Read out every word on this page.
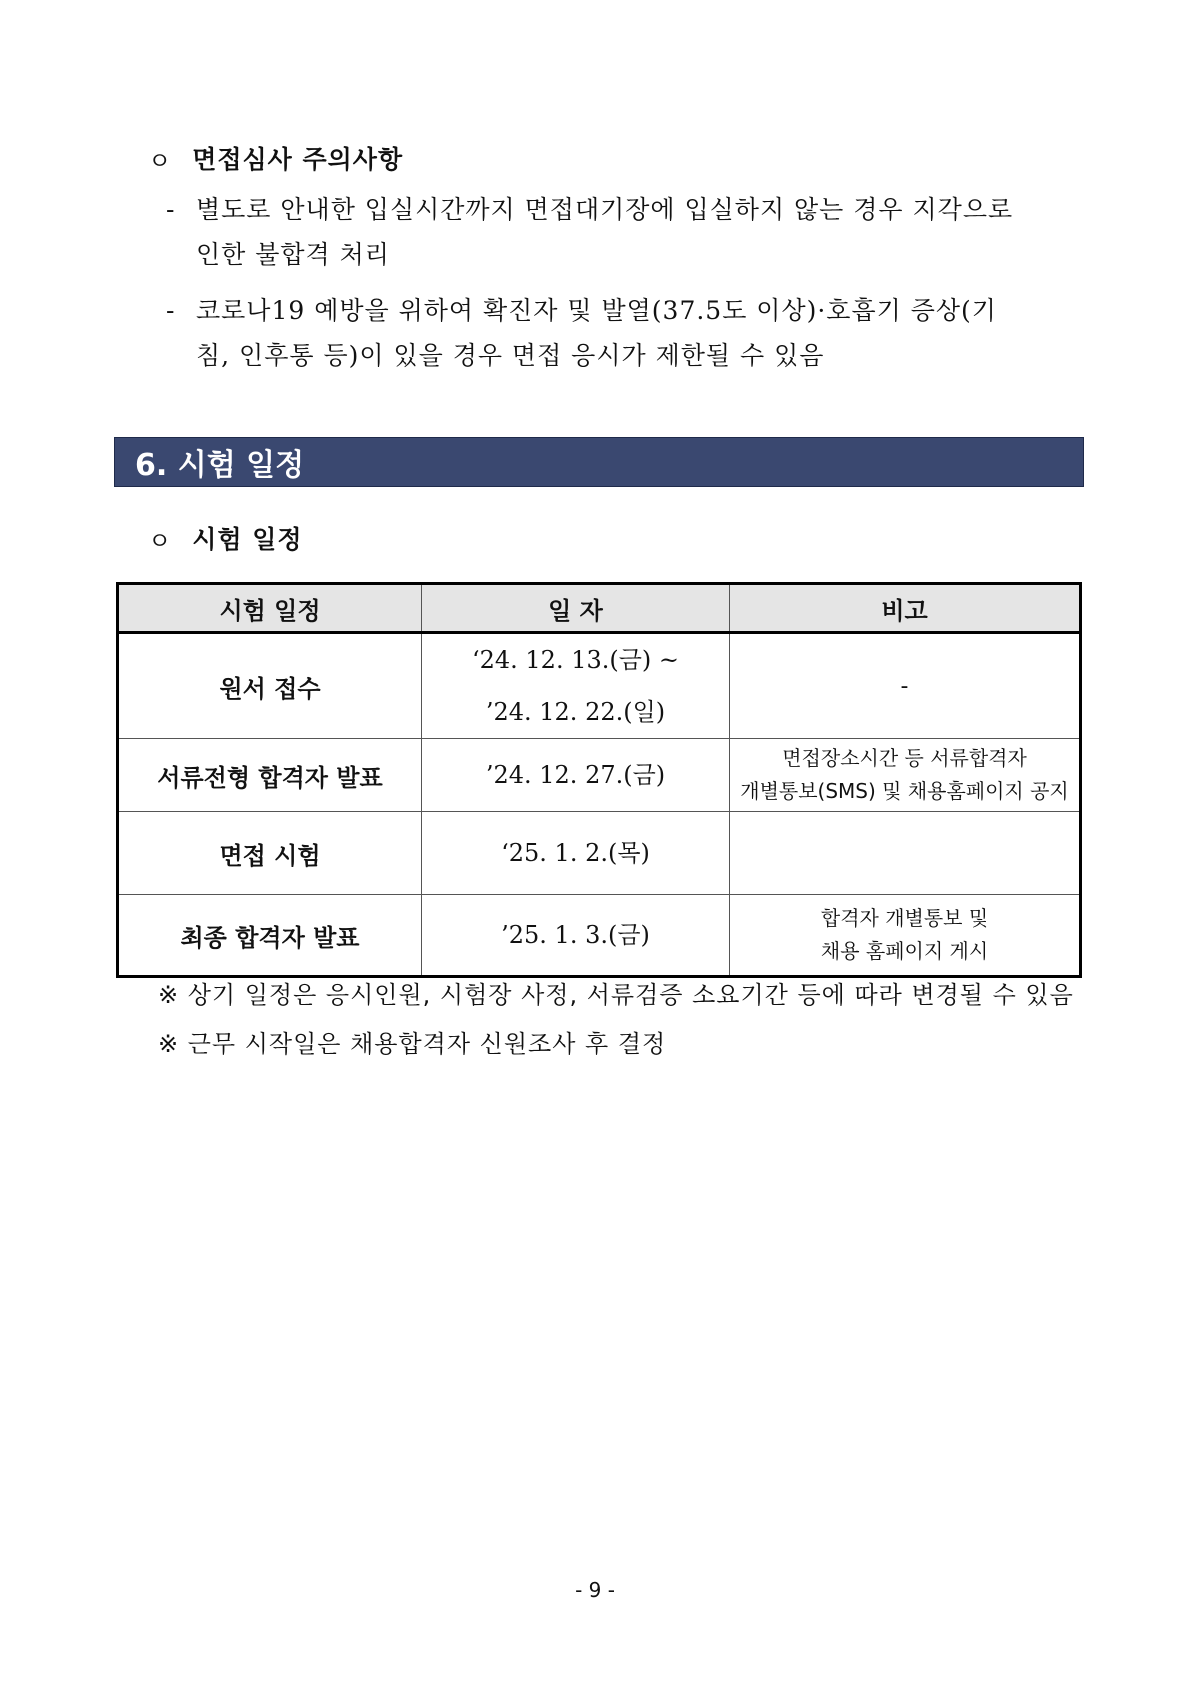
ㅇ 면접심사 주의사항
- 별도로 안내한 입실시간까지 면접대기장에 입실하지 않는 경우 지각으로
인한 불합격 처리
- 코로나19 예방을 위하여 확진자 및 발열(37.5도 이상)·호흡기 증상(기
침, 인후통 등)이 있을 경우 면접 응시가 제한될 수 있음
6. 시험 일정
ㅇ 시험 일정
시험 일정	일 자	비고
원서 접수	‘24. 12. 13.(금) ~
’24. 12. 22.(일)	-

서류전형 합격자 발표	’24. 12. 27.(금)	면접장소시간 등 서류합격자
개별통보(SMS) 및 채용홈페이지 공지

면접 시험	‘25. 1. 2.(목)	

최종 합격자 발표	’25. 1. 3.(금)	합격자 개별통보 및
채용 홈페이지 게시
※ 상기 일정은 응시인원, 시험장 사정, 서류검증 소요기간 등에 따라 변경될 수 있음
※ 근무 시작일은 채용합격자 신원조사 후 결정
- 9 -
